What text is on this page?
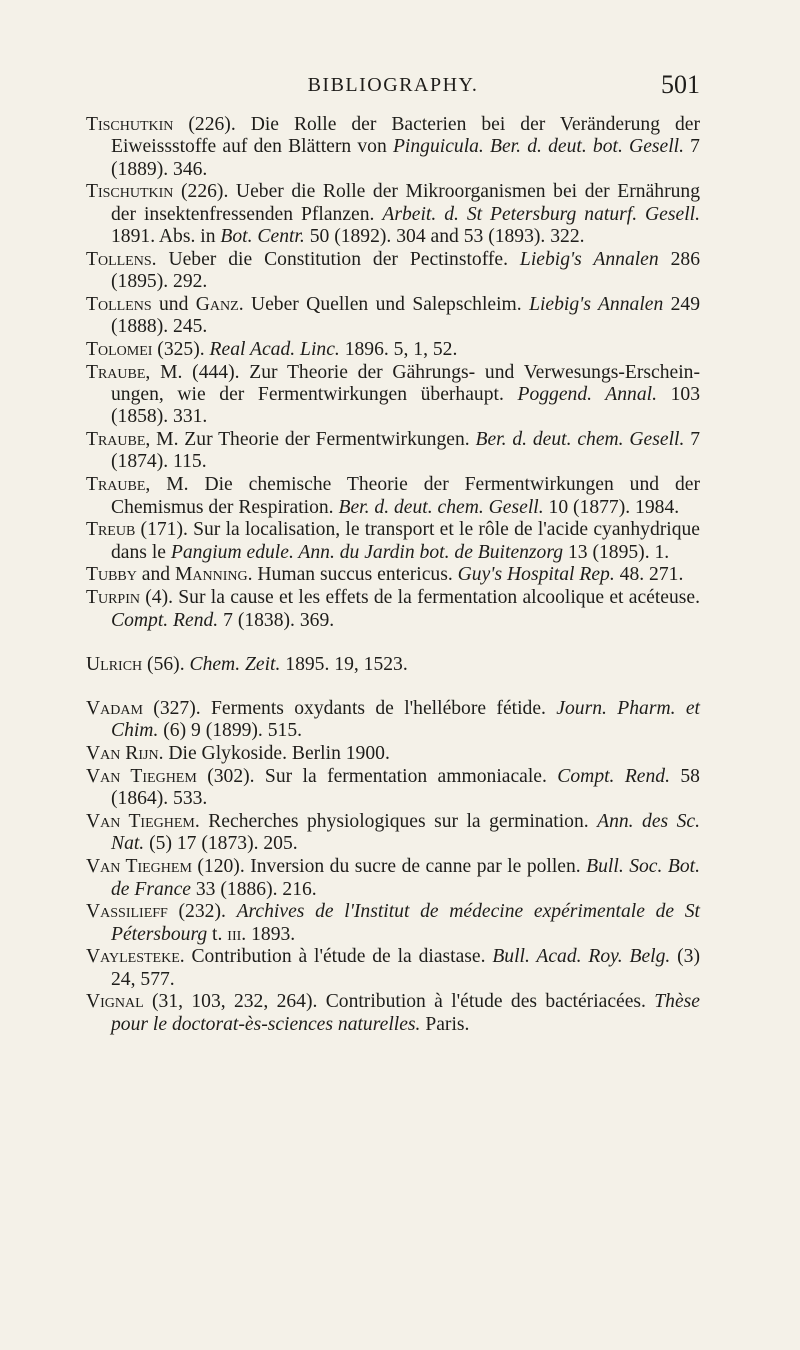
BIBLIOGRAPHY.	501

Tischutkin (226). Die Rolle der Bacterien bei der Veränderung der Eiweissstoffe auf den Blättern von Pinguicula. Ber. d. deut. bot. Gesell. 7 (1889). 346.

Tischutkin (226). Ueber die Rolle der Mikroorganismen bei der Ernährung der insektenfressenden Pflanzen. Arbeit. d. St Petersburg naturf. Gesell. 1891. Abs. in Bot. Centr. 50 (1892). 304 and 53 (1893). 322.

Tollens. Ueber die Constitution der Pectinstoffe. Liebig's Annalen 286 (1895). 292.

Tollens und Ganz. Ueber Quellen und Salepschleim. Liebig's Annalen 249 (1888). 245.

Tolomei (325). Real Acad. Linc. 1896. 5, 1, 52.

Traube, M. (444). Zur Theorie der Gährungs- und Verwesungs-Erscheinungen, wie der Fermentwirkungen überhaupt. Poggend. Annal. 103 (1858). 331.

Traube, M. Zur Theorie der Fermentwirkungen. Ber. d. deut. chem. Gesell. 7 (1874). 115.

Traube, M. Die chemische Theorie der Fermentwirkungen und der Chemismus der Respiration. Ber. d. deut. chem. Gesell. 10 (1877). 1984.

Treub (171). Sur la localisation, le transport et le rôle de l'acide cyanhydrique dans le Pangium edule. Ann. du Jardin bot. de Buitenzorg 13 (1895). 1.

Tubby and Manning. Human succus entericus. Guy's Hospital Rep. 48. 271.

Turpin (4). Sur la cause et les effets de la fermentation alcoolique et acéteuse. Compt. Rend. 7 (1838). 369.

Ulrich (56). Chem. Zeit. 1895. 19, 1523.

Vadam (327). Ferments oxydants de l'hellébore fétide. Journ. Pharm. et Chim. (6) 9 (1899). 515.

Van Rijn. Die Glykoside. Berlin 1900.

Van Tieghem (302). Sur la fermentation ammoniacale. Compt. Rend. 58 (1864). 533.

Van Tieghem. Recherches physiologiques sur la germination. Ann. des Sc. Nat. (5) 17 (1873). 205.

Van Tieghem (120). Inversion du sucre de canne par le pollen. Bull. Soc. Bot. de France 33 (1886). 216.

Vassilieff (232). Archives de l'Institut de médecine expérimentale de St Pétersbourg t. iii. 1893.

Vaylesteke. Contribution à l'étude de la diastase. Bull. Acad. Roy. Belg. (3) 24, 577.

Vignal (31, 103, 232, 264). Contribution à l'étude des bactériacées. Thèse pour le doctorat-ès-sciences naturelles. Paris.
